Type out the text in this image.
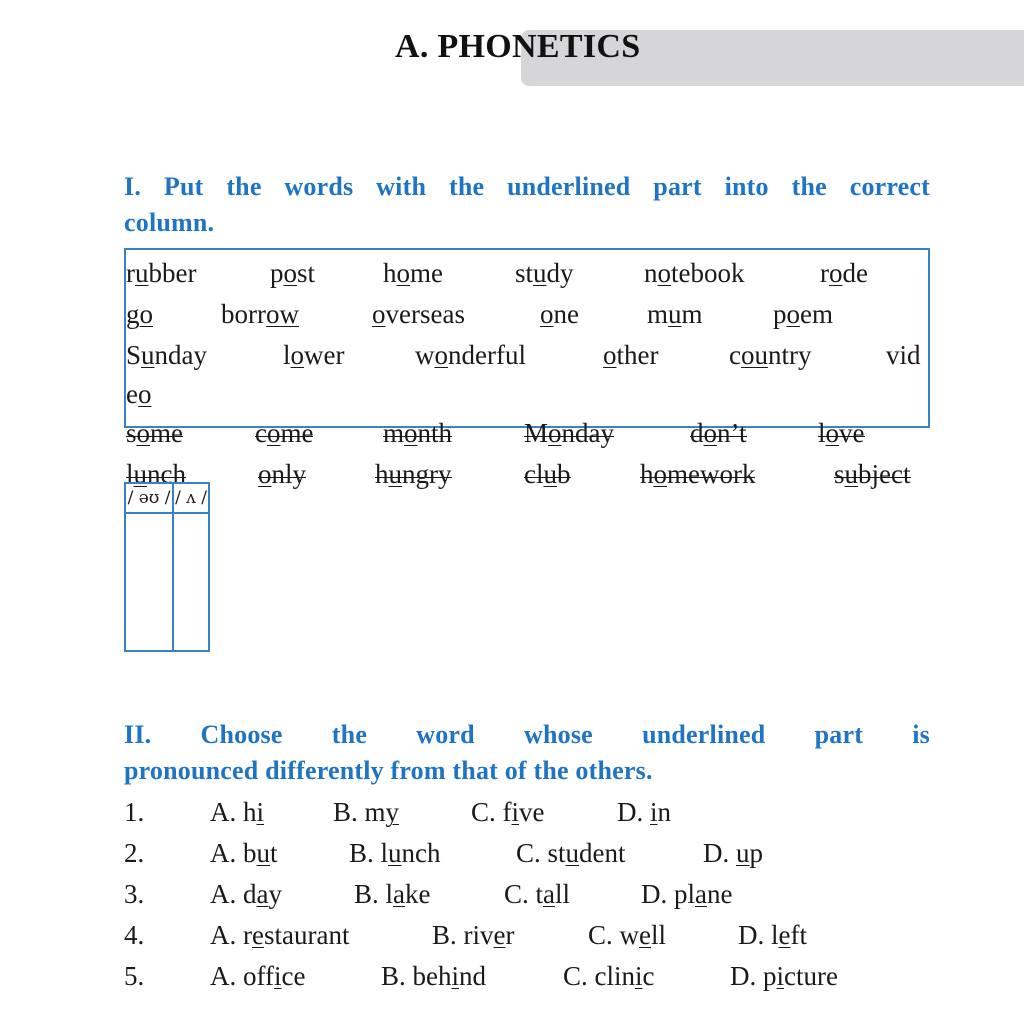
A. PHONETICS
I. Put the words with the underlined part into the correct
column.
rubber	post	home	study	notebook	rode
go	borrow	overseas	one	mum	poem
Sunday	lower	wonderful	other	country	vid
eo
some	come	month	Monday	don’t	love
lunch	only	hungry	club	homework	subject
/ əʊ /	/ ʌ /

II. Choose the word whose underlined part is
pronounced differently from that of the others.
1. A. hi	B. my	C. five	D. in
2. A. but	B. lunch	C. student	D. up
3. A. day	B. lake	C. tall	D. plane
4. A. restaurant	B. river	C. well	D. left
5. A. office	B. behind	C. clinic	D. picture
